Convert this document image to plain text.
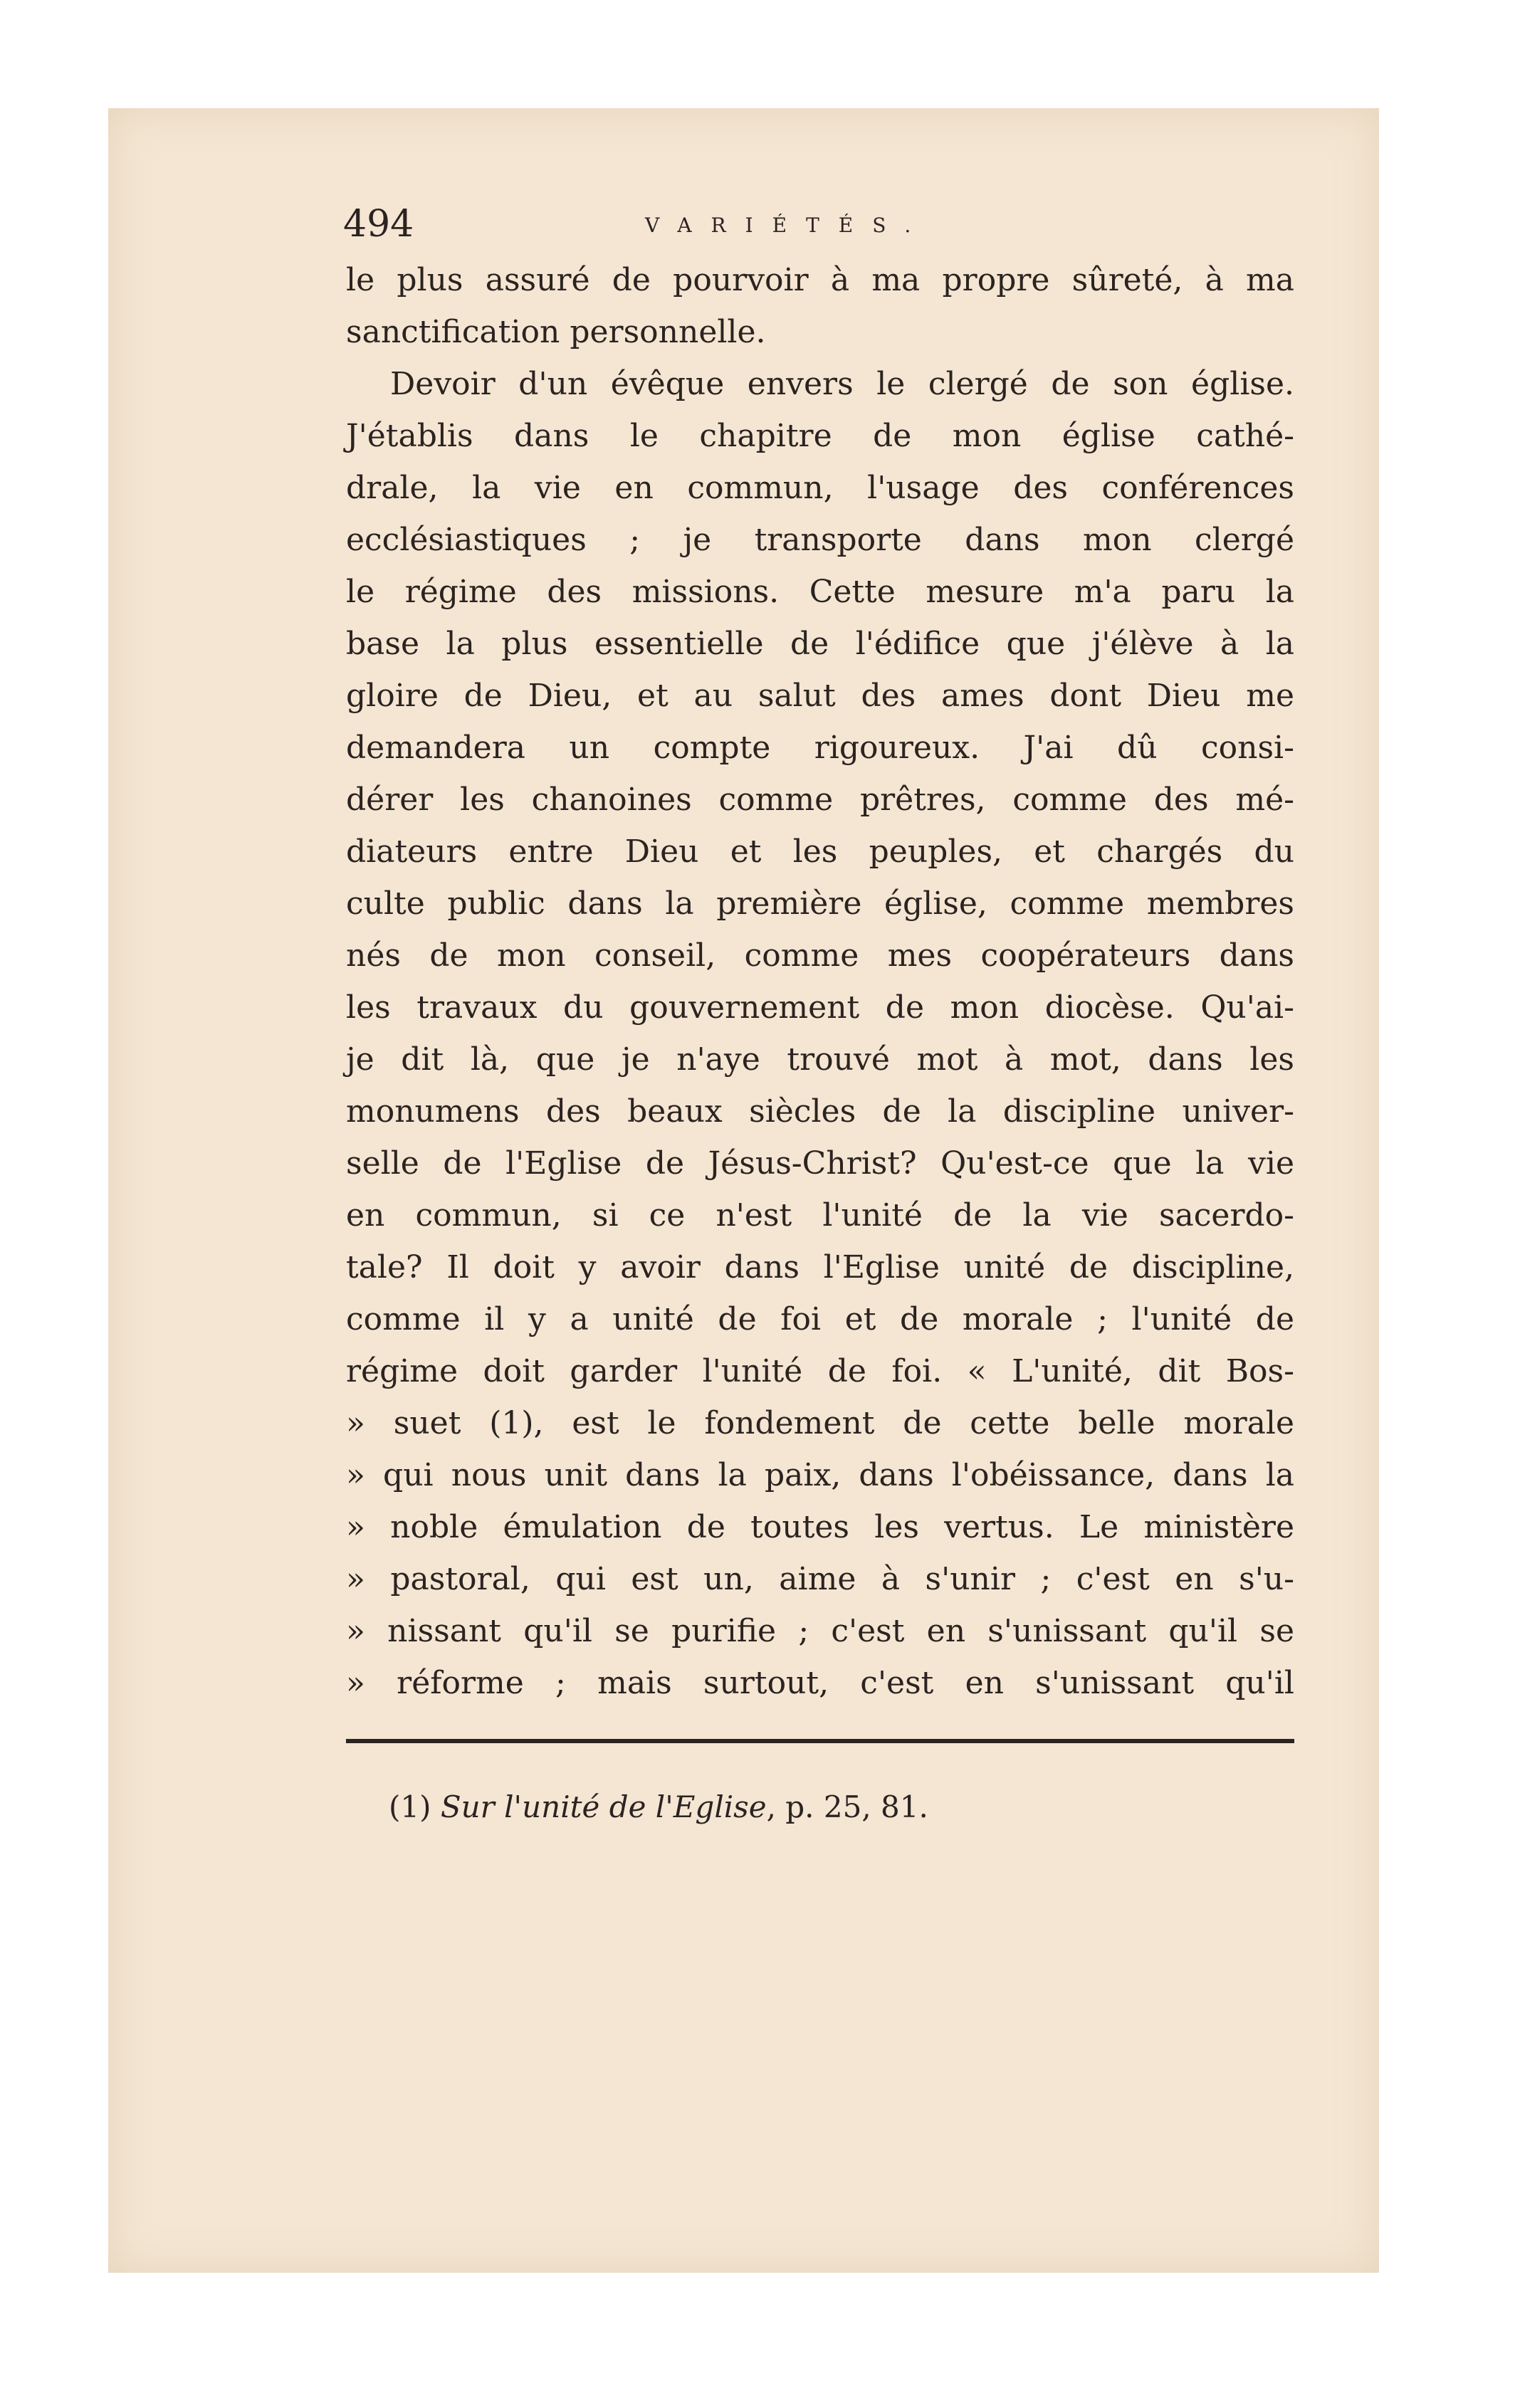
494	VARIÉTÉS.
le plus assuré de pourvoir à ma propre sûreté, à ma
sanctification personnelle.
Devoir d'un évêque envers le clergé de son église.
J'établis dans le chapitre de mon église cathé-
drale, la vie en commun, l'usage des conférences
ecclésiastiques ; je transporte dans mon clergé
le régime des missions. Cette mesure m'a paru la
base la plus essentielle de l'édifice que j'élève à la
gloire de Dieu, et au salut des ames dont Dieu me
demandera un compte rigoureux. J'ai dû consi-
dérer les chanoines comme prêtres, comme des mé-
diateurs entre Dieu et les peuples, et chargés du
culte public dans la première église, comme membres
nés de mon conseil, comme mes coopérateurs dans
les travaux du gouvernement de mon diocèse. Qu'ai-
je dit là, que je n'aye trouvé mot à mot, dans les
monumens des beaux siècles de la discipline univer-
selle de l'Eglise de Jésus-Christ? Qu'est-ce que la vie
en commun, si ce n'est l'unité de la vie sacerdo-
tale? Il doit y avoir dans l'Eglise unité de discipline,
comme il y a unité de foi et de morale ; l'unité de
régime doit garder l'unité de foi. « L'unité, dit Bos-
» suet (1), est le fondement de cette belle morale
» qui nous unit dans la paix, dans l'obéissance, dans la
» noble émulation de toutes les vertus. Le ministère
» pastoral, qui est un, aime à s'unir ; c'est en s'u-
» nissant qu'il se purifie ; c'est en s'unissant qu'il se
» réforme ; mais surtout, c'est en s'unissant qu'il
(1) Sur l'unité de l'Eglise, p. 25, 81.
